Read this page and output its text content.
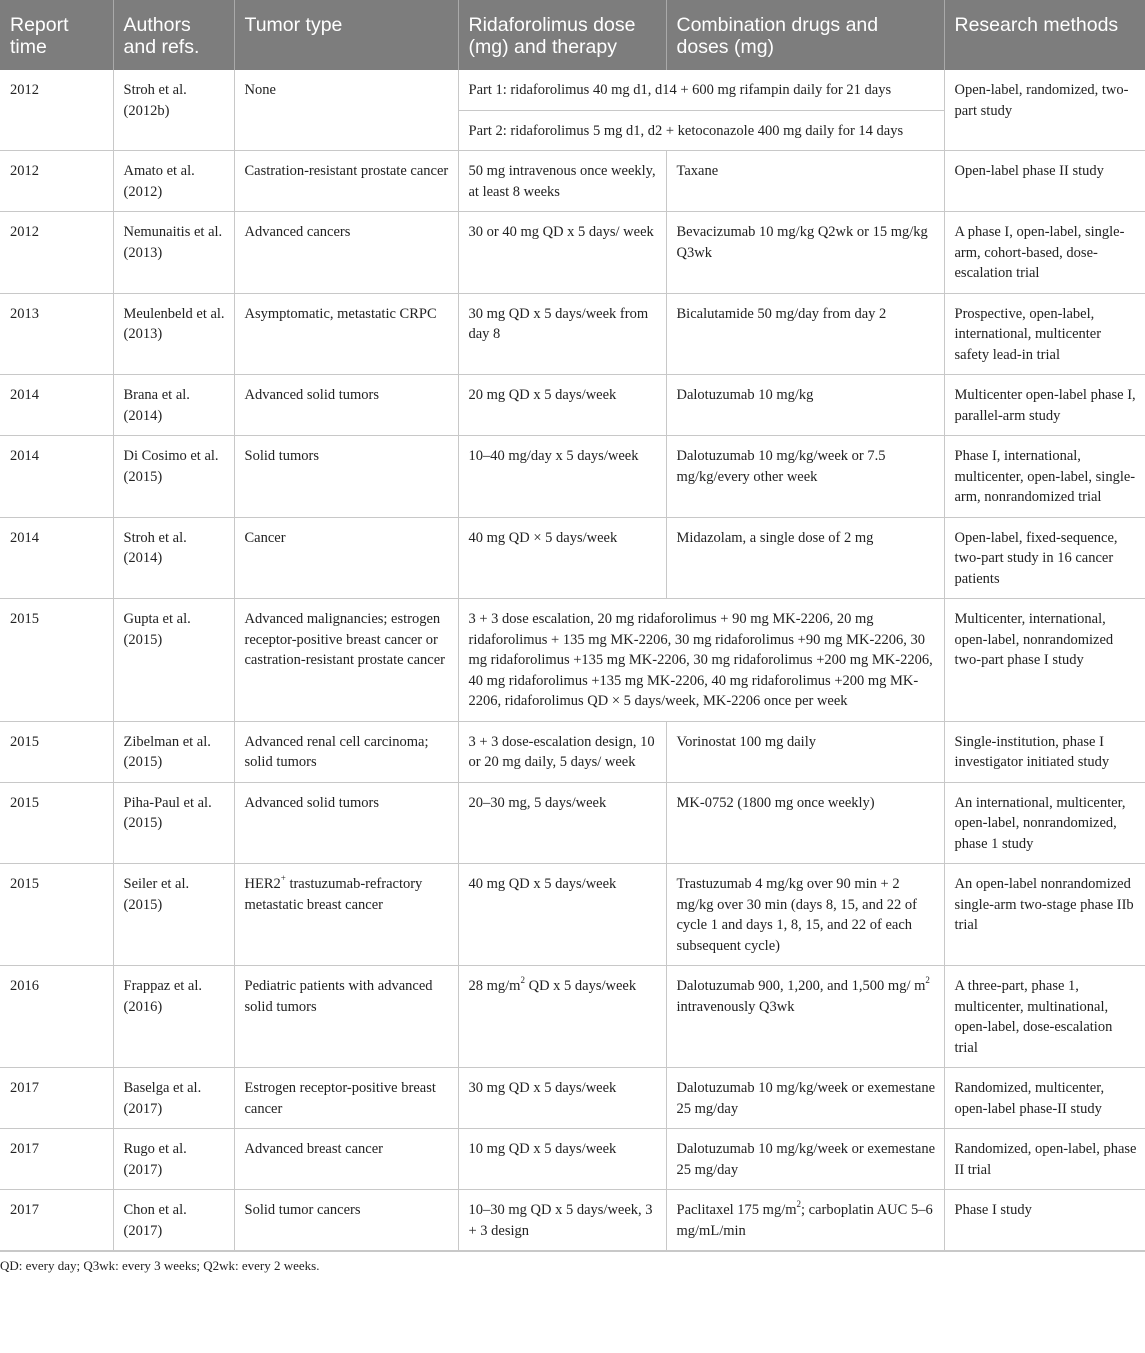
Report time	Authors and refs.	Tumor type	Ridaforolimus dose (mg) and therapy	Combination drugs and doses (mg)	Research methods
2012	Stroh et al. (2012b)	None	Part 1: ridaforolimus 40 mg d1, d14 + 600 mg rifampin daily for 21 days		Open-label, randomized, two-part study
			Part 2: ridaforolimus 5 mg d1, d2 + ketoconazole 400 mg daily for 14 days		
2012	Amato et al. (2012)	Castration-resistant prostate cancer	50 mg intravenous once weekly, at least 8 weeks	Taxane	Open-label phase II study
2012	Nemunaitis et al. (2013)	Advanced cancers	30 or 40 mg QD x 5 days/ week	Bevacizumab 10 mg/kg Q2wk or 15 mg/kg Q3wk	A phase I, open-label, single-arm, cohort-based, dose-escalation trial
2013	Meulenbeld et al. (2013)	Asymptomatic, metastatic CRPC	30 mg QD x 5 days/week from day 8	Bicalutamide 50 mg/day from day 2	Prospective, open-label, international, multicenter safety lead-in trial
2014	Brana et al. (2014)	Advanced solid tumors	20 mg QD x 5 days/week	Dalotuzumab 10 mg/kg	Multicenter open-label phase I, parallel-arm study
2014	Di Cosimo et al. (2015)	Solid tumors	10–40 mg/day x 5 days/week	Dalotuzumab 10 mg/kg/week or 7.5 mg/kg/every other week	Phase I, international, multicenter, open-label, single-arm, nonrandomized trial
2014	Stroh et al. (2014)	Cancer	40 mg QD × 5 days/week	Midazolam, a single dose of 2 mg	Open-label, fixed-sequence, two-part study in 16 cancer patients
2015	Gupta et al. (2015)	Advanced malignancies; estrogen receptor-positive breast cancer or castration-resistant prostate cancer	3 + 3 dose escalation, 20 mg ridaforolimus + 90 mg MK-2206, 20 mg ridaforolimus + 135 mg MK-2206, 30 mg ridaforolimus +90 mg MK-2206, 30 mg ridaforolimus +135 mg MK-2206, 30 mg ridaforolimus +200 mg MK-2206, 40 mg ridaforolimus +135 mg MK-2206, 40 mg ridaforolimus +200 mg MK-2206, ridaforolimus QD × 5 days/week, MK-2206 once per week		Multicenter, international, open-label, nonrandomized two-part phase I study
2015	Zibelman et al. (2015)	Advanced renal cell carcinoma; solid tumors	3 + 3 dose-escalation design, 10 or 20 mg daily, 5 days/ week	Vorinostat 100 mg daily	Single-institution, phase I investigator initiated study
2015	Piha-Paul et al. (2015)	Advanced solid tumors	20–30 mg, 5 days/week	MK-0752 (1800 mg once weekly)	An international, multicenter, open-label, nonrandomized, phase 1 study
2015	Seiler et al. (2015)	HER2+ trastuzumab-refractory metastatic breast cancer	40 mg QD x 5 days/week	Trastuzumab 4 mg/kg over 90 min + 2 mg/kg over 30 min (days 8, 15, and 22 of cycle 1 and days 1, 8, 15, and 22 of each subsequent cycle)	An open-label nonrandomized single-arm two-stage phase IIb trial
2016	Frappaz et al. (2016)	Pediatric patients with advanced solid tumors	28 $mg/m^2$ QD x 5 days/week	Dalotuzumab 900, 1,200, and 1,500 mg/ $m^2$ intravenously Q3wk	A three-part, phase 1, multicenter, multinational, open-label, dose-escalation trial
2017	Baselga et al. (2017)	Estrogen receptor-positive breast cancer	30 mg QD x 5 days/week	Dalotuzumab 10 mg/kg/week or exemestane 25 mg/day	Randomized, multicenter, open-label phase-II study
2017	Rugo et al. (2017)	Advanced breast cancer	10 mg QD x 5 days/week	Dalotuzumab 10 mg/kg/week or exemestane 25 mg/day	Randomized, open-label, phase II trial
2017	Chon et al. (2017)	Solid tumor cancers	10–30 mg QD x 5 days/week, 3 + 3 design	Paclitaxel 175 $mg/m^2$; carboplatin AUC 5–6 mg/mL/min	Phase I study
QD: every day; Q3wk: every 3 weeks; Q2wk: every 2 weeks.
